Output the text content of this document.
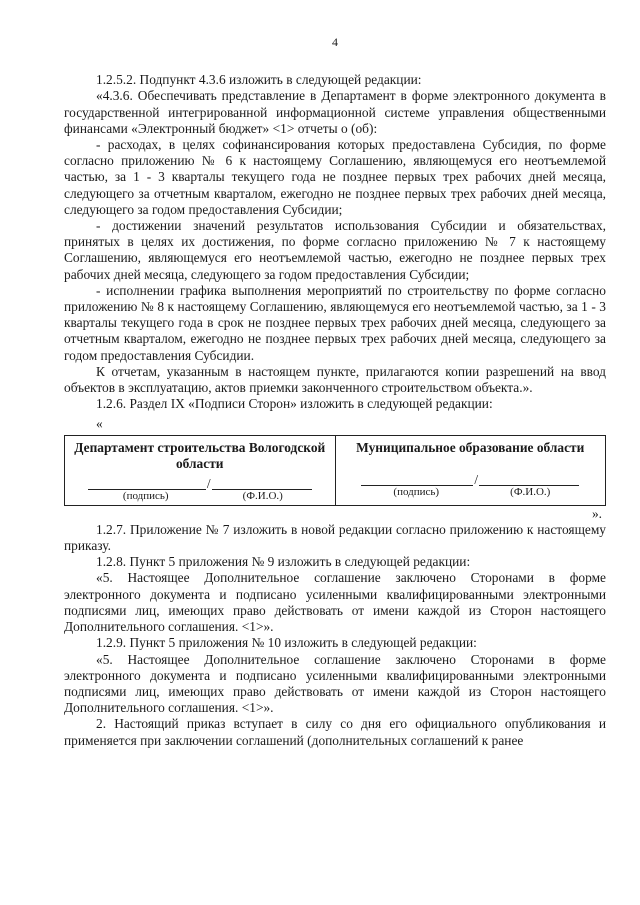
4

1.2.5.2. Подпункт 4.3.6 изложить в следующей редакции:

«4.3.6. Обеспечивать представление в Департамент в форме электронного документа в государственной интегрированной информационной системе управления общественными финансами «Электронный бюджет» <1> отчеты о (об):

- расходах, в целях софинансирования которых предоставлена Субсидия, по форме согласно приложению № 6 к настоящему Соглашению, являющемуся его неотъемлемой частью, за 1 - 3 кварталы текущего года не позднее первых трех рабочих дней месяца, следующего за отчетным кварталом, ежегодно не позднее первых трех рабочих дней месяца, следующего за годом предоставления Субсидии;

- достижении значений результатов использования Субсидии и обязательствах, принятых в целях их достижения, по форме согласно приложению № 7 к настоящему Соглашению, являющемуся его неотъемлемой частью, ежегодно не позднее первых трех рабочих дней месяца, следующего за годом предоставления Субсидии;

- исполнении графика выполнения мероприятий по строительству по форме согласно приложению № 8 к настоящему Соглашению, являющемуся его неотъемлемой частью, за 1 - 3 кварталы текущего года в срок не позднее первых трех рабочих дней месяца, следующего за отчетным кварталом, ежегодно не позднее первых трех рабочих дней месяца, следующего за годом предоставления Субсидии.

К отчетам, указанным в настоящем пункте, прилагаются копии разрешений на ввод объектов в эксплуатацию, актов приемки законченного строительством объекта.».

1.2.6. Раздел IX «Подписи Сторон» изложить в следующей редакции:

«
Департамент строительства Вологодской области
/
(подпись)	(Ф.И.О.)

Муниципальное образование области
/
(подпись)	(Ф.И.О.)
».

1.2.7. Приложение № 7 изложить в новой редакции согласно приложению к настоящему приказу.

1.2.8. Пункт 5 приложения № 9 изложить в следующей редакции:

«5. Настоящее Дополнительное соглашение заключено Сторонами в форме электронного документа и подписано усиленными квалифицированными электронными подписями лиц, имеющих право действовать от имени каждой из Сторон настоящего Дополнительного соглашения. <1>».

1.2.9. Пункт 5 приложения № 10 изложить в следующей редакции:

«5. Настоящее Дополнительное соглашение заключено Сторонами в форме электронного документа и подписано усиленными квалифицированными электронными подписями лиц, имеющих право действовать от имени каждой из Сторон настоящего Дополнительного соглашения. <1>».

2. Настоящий приказ вступает в силу со дня его официального опубликования и применяется при заключении соглашений (дополнительных соглашений к ранее
